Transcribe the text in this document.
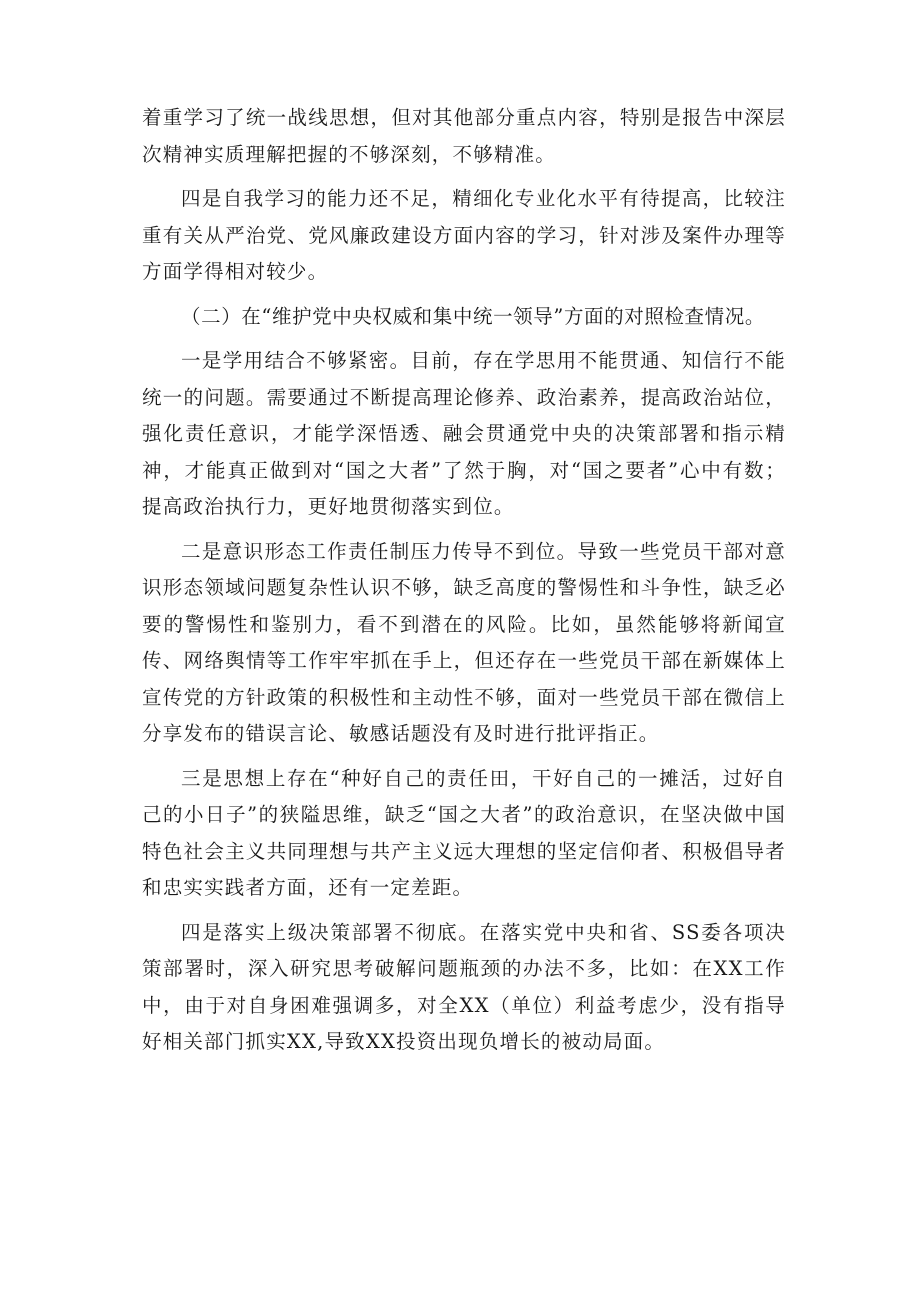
着重学习了统一战线思想，但对其他部分重点内容，特别是报告中深层次精神实质理解把握的不够深刻，不够精准。

四是自我学习的能力还不足，精细化专业化水平有待提高，比较注重有关从严治党、党风廉政建设方面内容的学习，针对涉及案件办理等方面学得相对较少。

（二）在“维护党中央权威和集中统一领导”方面的对照检查情况。

一是学用结合不够紧密。目前，存在学思用不能贯通、知信行不能统一的问题。需要通过不断提高理论修养、政治素养，提高政治站位，强化责任意识，才能学深悟透、融会贯通党中央的决策部署和指示精神，才能真正做到对“国之大者”了然于胸，对“国之要者”心中有数；提高政治执行力，更好地贯彻落实到位。

二是意识形态工作责任制压力传导不到位。导致一些党员干部对意识形态领域问题复杂性认识不够，缺乏高度的警惕性和斗争性，缺乏必要的警惕性和鉴别力，看不到潜在的风险。比如，虽然能够将新闻宣传、网络舆情等工作牢牢抓在手上，但还存在一些党员干部在新媒体上宣传党的方针政策的积极性和主动性不够，面对一些党员干部在微信上分享发布的错误言论、敏感话题没有及时进行批评指正。

三是思想上存在“种好自己的责任田，干好自己的一摊活，过好自己的小日子”的狭隘思维，缺乏“国之大者”的政治意识，在坚决做中国特色社会主义共同理想与共产主义远大理想的坚定信仰者、积极倡导者和忠实实践者方面，还有一定差距。

四是落实上级决策部署不彻底。在落实党中央和省、SS委各项决策部署时，深入研究思考破解问题瓶颈的办法不多，比如：在XX工作中，由于对自身困难强调多，对全XX（单位）利益考虑少，没有指导好相关部门抓实XX,导致XX投资出现负增长的被动局面。
